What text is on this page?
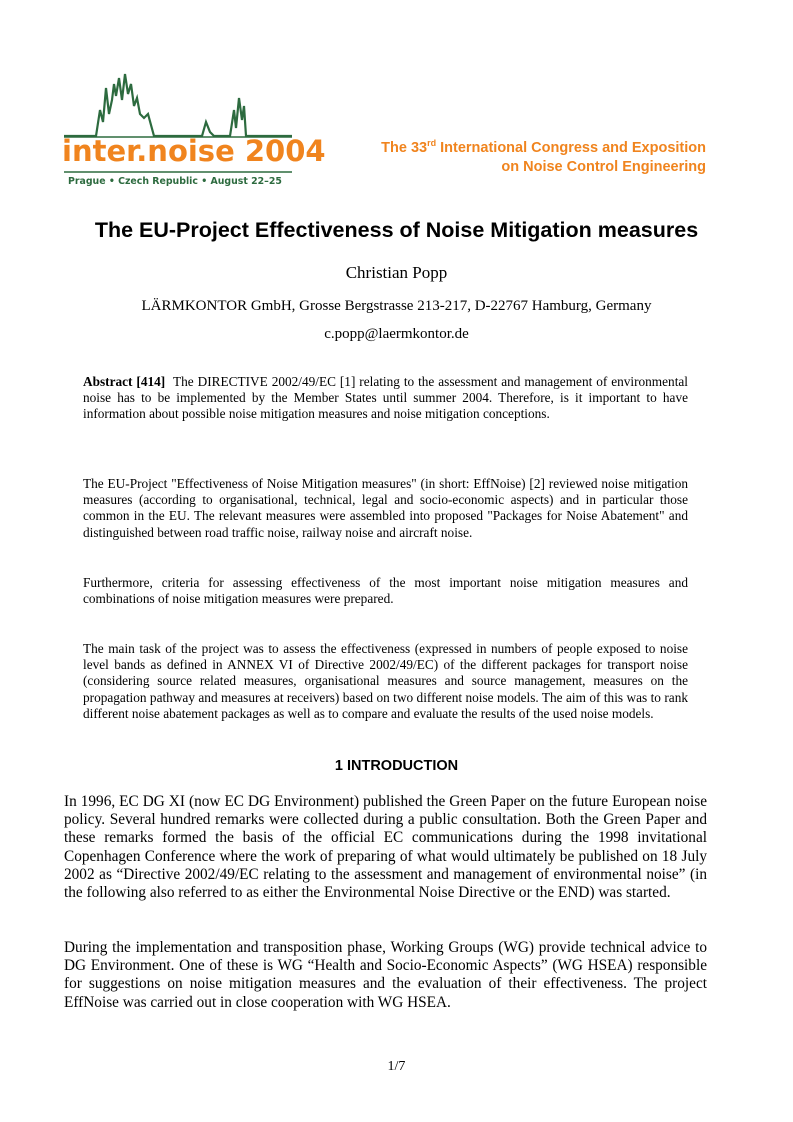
inter.noise 2004
Prague • Czech Republic • August 22–25
The 33rd International Congress and Exposition
on Noise Control Engineering
The EU-Project Effectiveness of Noise Mitigation measures
Christian Popp
LÄRMKONTOR GmbH, Grosse Bergstrasse 213-217, D-22767 Hamburg, Germany
c.popp@laermkontor.de
Abstract [414] The DIRECTIVE 2002/49/EC [1] relating to the assessment and management of environmental noise has to be implemented by the Member States until summer 2004. Therefore, is it important to have information about possible noise mitigation measures and noise mitigation conceptions.
The EU-Project "Effectiveness of Noise Mitigation measures" (in short: EffNoise) [2] reviewed noise mitigation measures (according to organisational, technical, legal and socio-economic aspects) and in particular those common in the EU. The relevant measures were assembled into proposed "Packages for Noise Abatement" and distinguished between road traffic noise, railway noise and aircraft noise.
Furthermore, criteria for assessing effectiveness of the most important noise mitigation measures and combinations of noise mitigation measures were prepared.
The main task of the project was to assess the effectiveness (expressed in numbers of people exposed to noise level bands as defined in ANNEX VI of Directive 2002/49/EC) of the different packages for transport noise (considering source related measures, organisational measures and source management, measures on the propagation pathway and measures at receivers) based on two different noise models. The aim of this was to rank different noise abatement packages as well as to compare and evaluate the results of the used noise models.
1 INTRODUCTION
In 1996, EC DG XI (now EC DG Environment) published the Green Paper on the future European noise policy. Several hundred remarks were collected during a public consultation. Both the Green Paper and these remarks formed the basis of the official EC communications during the 1998 invitational Copenhagen Conference where the work of preparing of what would ultimately be published on 18 July 2002 as “Directive 2002/49/EC relating to the assessment and management of environmental noise” (in the following also referred to as either the Environmental Noise Directive or the END) was started.
During the implementation and transposition phase, Working Groups (WG) provide technical advice to DG Environment. One of these is WG “Health and Socio-Economic Aspects” (WG HSEA) responsible for suggestions on noise mitigation measures and the evaluation of their effectiveness. The project EffNoise was carried out in close cooperation with WG HSEA.
1/7
